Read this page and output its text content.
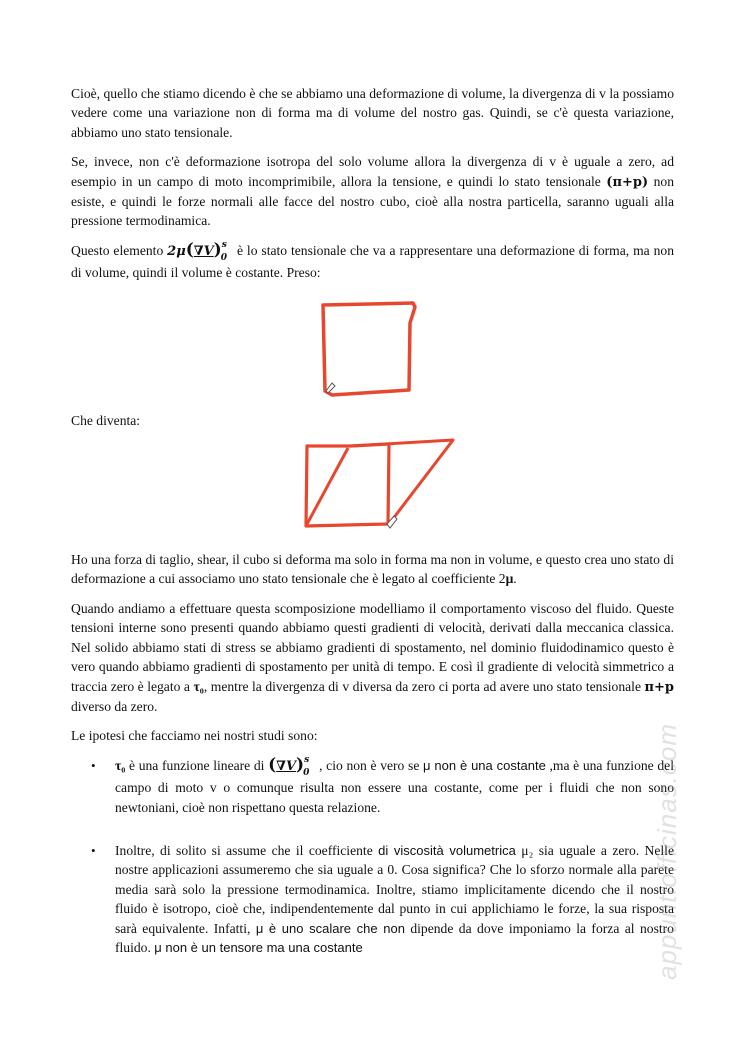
Cioè, quello che stiamo dicendo è che se abbiamo una deformazione di volume, la divergenza di v la possiamo vedere come una variazione non di forma ma di volume del nostro gas. Quindi, se c'è questa variazione, abbiamo uno stato tensionale.

Se, invece, non c'è deformazione isotropa del solo volume allora la divergenza di v è uguale a zero, ad esempio in un campo di moto incomprimibile, allora la tensione, e quindi lo stato tensionale (π+p) non esiste, e quindi le forze normali alle facce del nostro cubo, cioè alla nostra particella, saranno uguali alla pressione termodinamica.

Questo elemento $2\mu(\nabla V)^s_0$ è lo stato tensionale che va a rappresentare una deformazione di forma, ma non di volume, quindi il volume è costante. Preso:

Che diventa:

Ho una forza di taglio, shear, il cubo si deforma ma solo in forma ma non in volume, e questo crea uno stato di deformazione a cui associamo uno stato tensionale che è legato al coefficiente 2μ.

Quando andiamo a effettuare questa scomposizione modelliamo il comportamento viscoso del fluido. Queste tensioni interne sono presenti quando abbiamo questi gradienti di velocità, derivati dalla meccanica classica. Nel solido abbiamo stati di stress se abbiamo gradienti di spostamento, nel dominio fluidodinamico questo è vero quando abbiamo gradienti di spostamento per unità di tempo. E così il gradiente di velocità simmetrico a traccia zero è legato a τ₀, mentre la divergenza di v diversa da zero ci porta ad avere uno stato tensionale π+p diverso da zero.

Le ipotesi che facciamo nei nostri studi sono:

• τ₀ è una funzione lineare di $(\nabla V)^s_0$ , cio non è vero se μ non è una costante ,ma è una funzione del campo di moto v o comunque risulta non essere una costante, come per i fluidi che non sono newtoniani, cioè non rispettano questa relazione.

• Inoltre, di solito si assume che il coefficiente di viscosità volumetrica μ₂ sia uguale a zero. Nelle nostre applicazioni assumeremo che sia uguale a 0. Cosa significa? Che lo sforzo normale alla parete media sarà solo la pressione termodinamica. Inoltre, stiamo implicitamente dicendo che il nostro fluido è isotropo, cioè che, indipendentemente dal punto in cui applichiamo le forze, la sua risposta sarà equivalente. Infatti, μ è uno scalare che non dipende da dove imponiamo la forza al nostro fluido. μ non è un tensore ma una costante	appuntiofficinas.com
